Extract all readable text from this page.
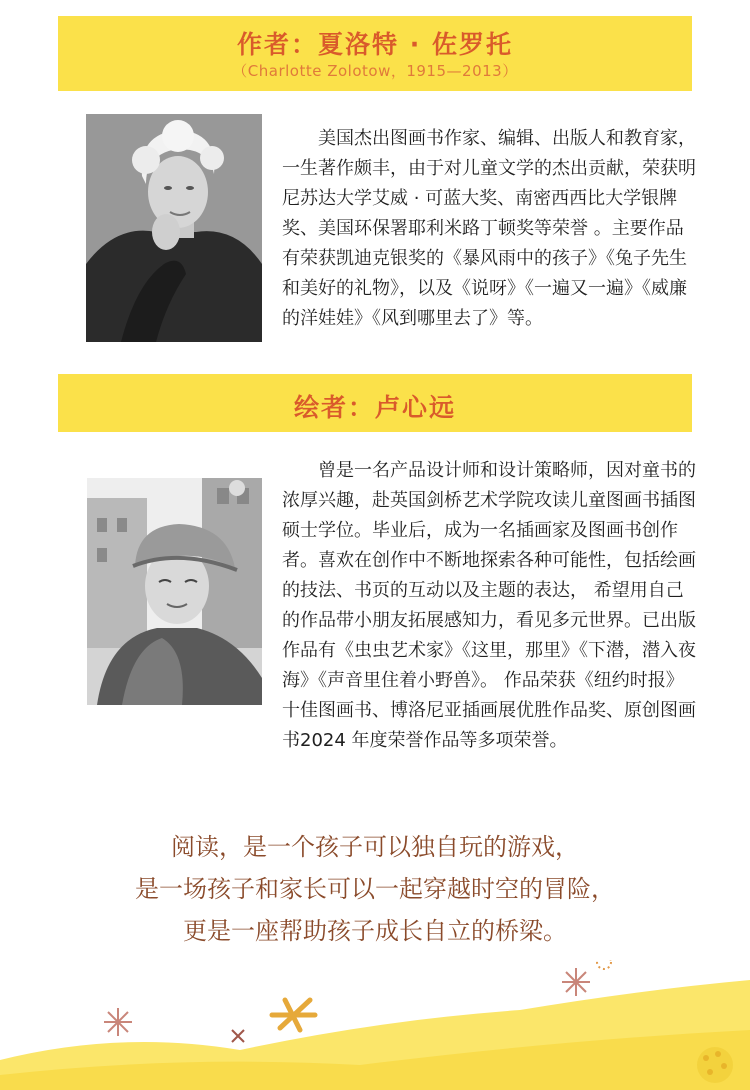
作者：夏洛特 · 佐罗托
（Charlotte Zolotow，1915—2013）

美国杰出图画书作家、编辑、出版人和教育家，一生著作颇丰，由于对儿童文学的杰出贡献，荣获明尼苏达大学艾威 · 可蓝大奖、南密西西比大学银牌奖、美国环保署耶利米路丁顿奖等荣誉 。主要作品有荣获凯迪克银奖的《暴风雨中的孩子》《兔子先生和美好的礼物》，以及《说呀》《一遍又一遍》《威廉的洋娃娃》《风到哪里去了》等。

绘者：卢心远

曾是一名产品设计师和设计策略师，因对童书的浓厚兴趣，赴英国剑桥艺术学院攻读儿童图画书插图硕士学位。毕业后，成为一名插画家及图画书创作者。喜欢在创作中不断地探索各种可能性，包括绘画的技法、书页的互动以及主题的表达， 希望用自己的作品带小朋友拓展感知力，看见多元世界。已出版作品有《虫虫艺术家》《这里，那里》《下潜，潜入夜海》《声音里住着小野兽》。 作品荣获《纽约时报》十佳图画书、博洛尼亚插画展优胜作品奖、原创图画书2024 年度荣誉作品等多项荣誉。

阅读，是一个孩子可以独自玩的游戏，
是一场孩子和家长可以一起穿越时空的冒险，
更是一座帮助孩子成长自立的桥梁。
